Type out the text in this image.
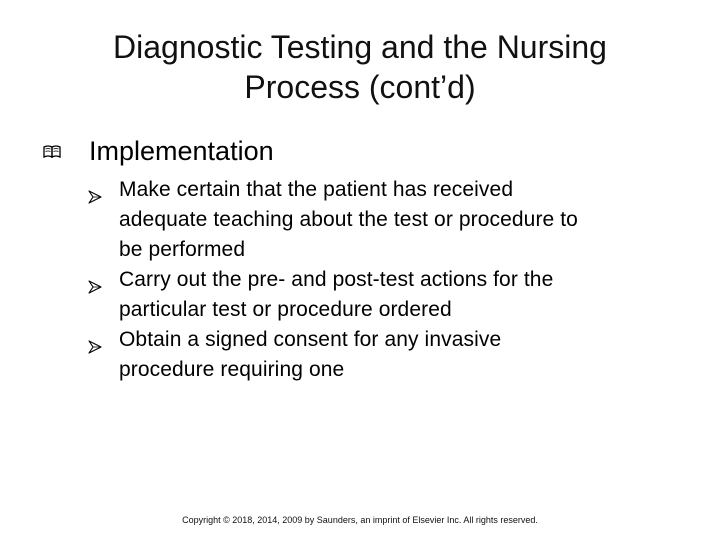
Diagnostic Testing and the Nursing
Process (cont’d)
Implementation
Make certain that the patient has received
adequate teaching about the test or procedure to
be performed
Carry out the pre- and post-test actions for the
particular test or procedure ordered
Obtain a signed consent for any invasive
procedure requiring one
Copyright © 2018, 2014, 2009 by Saunders, an imprint of Elsevier Inc. All rights reserved.
